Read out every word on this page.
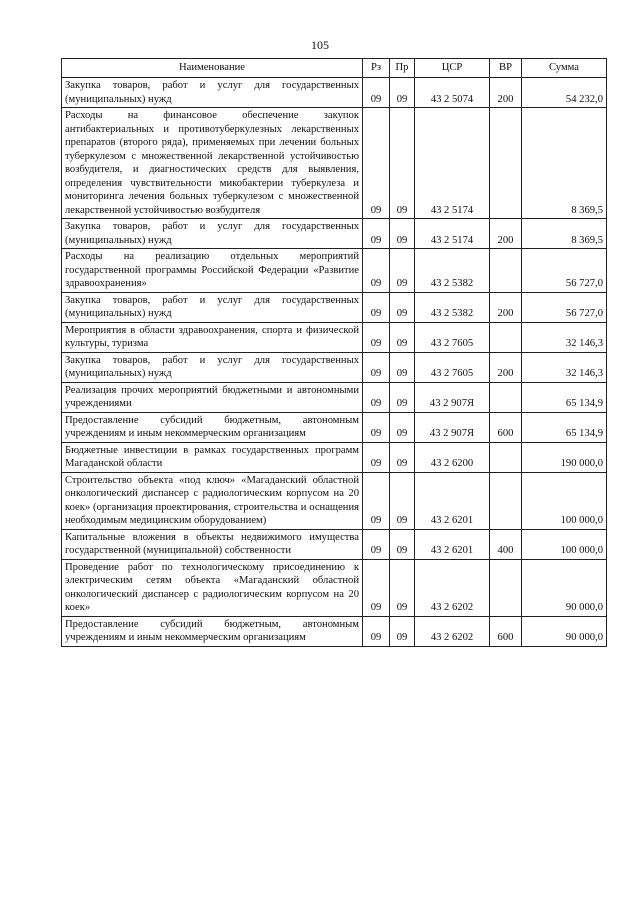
105
Наименование	Рз	Пр	ЦСР	ВР	Сумма
Закупка товаров, работ и услуг для государственных (муниципальных) нужд	09	09	43 2 5074	200	54 232,0
Расходы на финансовое обеспечение закупок антибактериальных и противотуберкулезных лекарственных препаратов (второго ряда), применяемых при лечении больных туберкулезом с множественной лекарственной устойчивостью возбудителя, и диагностических средств для выявления, определения чувствительности микобактерии туберкулеза и мониторинга лечения больных туберкулезом с множественной лекарственной устойчивостью возбудителя	09	09	43 2 5174		8 369,5
Закупка товаров, работ и услуг для государственных (муниципальных) нужд	09	09	43 2 5174	200	8 369,5
Расходы на реализацию отдельных мероприятий государственной программы Российской Федерации «Развитие здравоохранения»	09	09	43 2 5382		56 727,0
Закупка товаров, работ и услуг для государственных (муниципальных) нужд	09	09	43 2 5382	200	56 727,0
Мероприятия в области здравоохранения, спорта и физической культуры, туризма	09	09	43 2 7605		32 146,3
Закупка товаров, работ и услуг для государственных (муниципальных) нужд	09	09	43 2 7605	200	32 146,3
Реализация прочих мероприятий бюджетными и автономными учреждениями	09	09	43 2 907Я		65 134,9
Предоставление субсидий бюджетным, автономным учреждениям и иным некоммерческим организациям	09	09	43 2 907Я	600	65 134,9
Бюджетные инвестиции в рамках государственных программ Магаданской области	09	09	43 2 6200		190 000,0
Строительство объекта «под ключ» «Магаданский областной онкологический диспансер с радиологическим корпусом на 20 коек» (организация проектирования, строительства и оснащения необходимым медицинским оборудованием)	09	09	43 2 6201		100 000,0
Капитальные вложения в объекты недвижимого имущества государственной (муниципальной) собственности	09	09	43 2 6201	400	100 000,0
Проведение работ по технологическому присоединению к электрическим сетям объекта «Магаданский областной онкологический диспансер с радиологическим корпусом на 20 коек»	09	09	43 2 6202		90 000,0
Предоставление субсидий бюджетным, автономным учреждениям и иным некоммерческим организациям	09	09	43 2 6202	600	90 000,0
